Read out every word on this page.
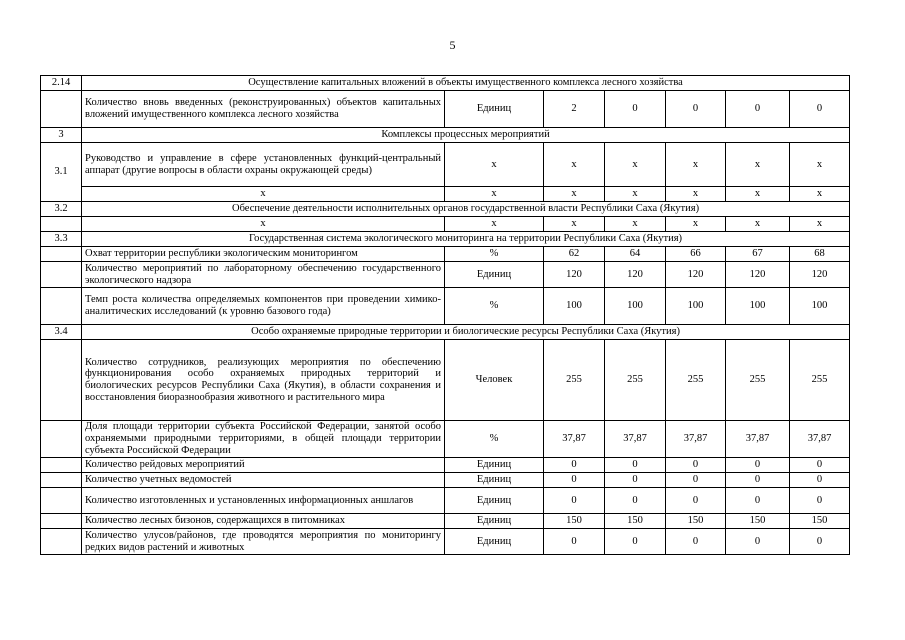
5
2.14	Осуществление капитальных вложений в объекты имущественного комплекса лесного хозяйства						
	Количество вновь введенных (реконструированных) объектов капитальных вложений имущественного комплекса лесного хозяйства	Единиц	2	0	0	0	0
3	Комплексы процессных мероприятий						
3.1	Руководство и управление в сфере установленных функций-центральный аппарат (другие вопросы в области охраны окружающей среды)	х	х	х	х	х	х
	х	х	х	х	х	х	х
3.2	Обеспечение деятельности исполнительных органов государственной власти Республики Саха (Якутия)						
	х	х	х	х	х	х	х
3.3	Государственная система экологического мониторинга на территории Республики Саха (Якутия)						
	Охват территории республики экологическим мониторингом	%	62	64	66	67	68
	Количество мероприятий по лабораторному обеспечению государственного экологического надзора	Единиц	120	120	120	120	120
	Темп роста количества определяемых компонентов при проведении химико-аналитических исследований (к уровню базового года)	%	100	100	100	100	100
3.4	Особо охраняемые природные территории и биологические ресурсы Республики Саха (Якутия)						
	Количество сотрудников, реализующих мероприятия по обеспечению функционирования особо охраняемых природных территорий и биологических ресурсов Республики Саха (Якутия), в области сохранения и восстановления биоразнообразия животного и растительного мира	Человек	255	255	255	255	255
	Доля площади территории субъекта Российской Федерации, занятой особо охраняемыми природными территориями, в общей площади территории субъекта Российской Федерации	%	37,87	37,87	37,87	37,87	37,87
	Количество рейдовых мероприятий	Единиц	0	0	0	0	0
	Количество учетных ведомостей	Единиц	0	0	0	0	0
	Количество изготовленных и установленных информационных аншлагов	Единиц	0	0	0	0	0
	Количество лесных бизонов, содержащихся в питомниках	Единиц	150	150	150	150	150
	Количество улусов/районов, где проводятся мероприятия по мониторингу редких видов растений и животных	Единиц	0	0	0	0	0
